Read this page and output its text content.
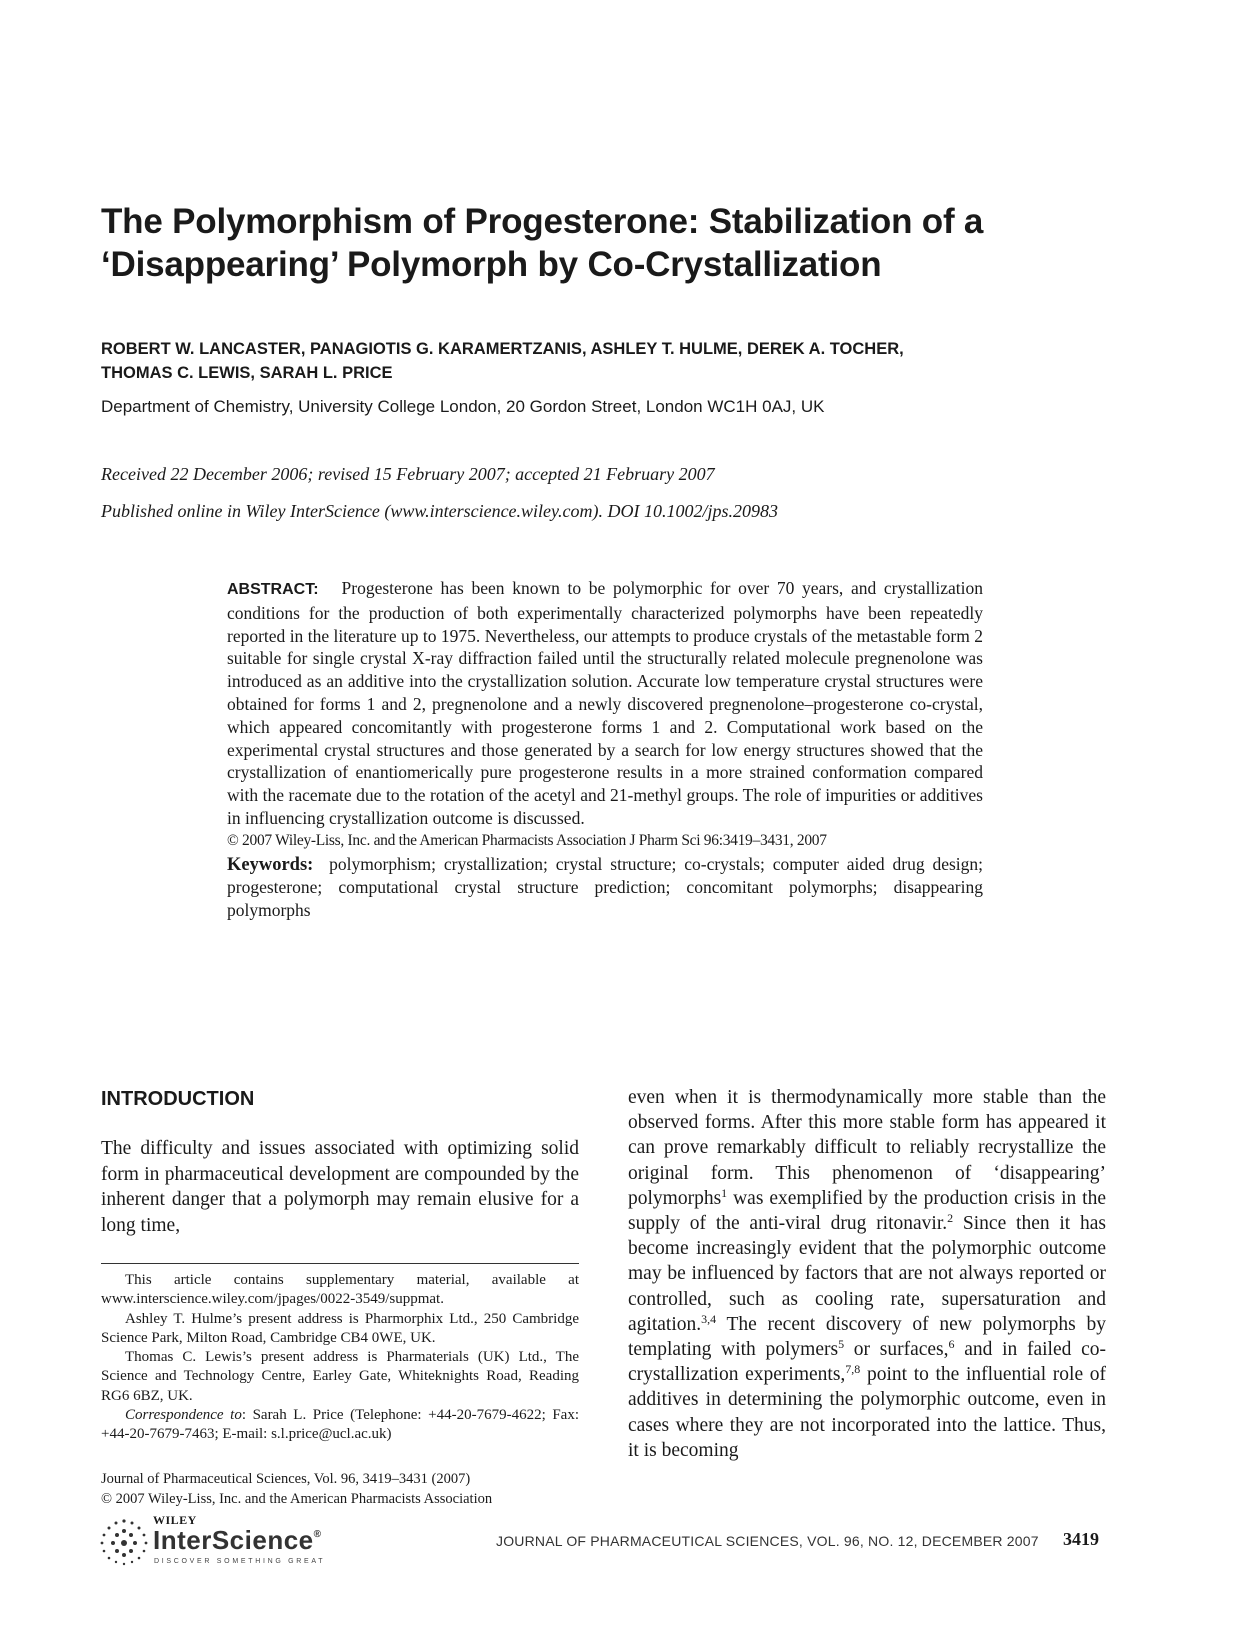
The Polymorphism of Progesterone: Stabilization of a ‘Disappearing’ Polymorph by Co-Crystallization
ROBERT W. LANCASTER, PANAGIOTIS G. KARAMERTZANIS, ASHLEY T. HULME, DEREK A. TOCHER,
THOMAS C. LEWIS, SARAH L. PRICE
Department of Chemistry, University College London, 20 Gordon Street, London WC1H 0AJ, UK
Received 22 December 2006; revised 15 February 2007; accepted 21 February 2007
Published online in Wiley InterScience (www.interscience.wiley.com). DOI 10.1002/jps.20983
ABSTRACT: Progesterone has been known to be polymorphic for over 70 years, and crystallization conditions for the production of both experimentally characterized polymorphs have been repeatedly reported in the literature up to 1975. Nevertheless, our attempts to produce crystals of the metastable form 2 suitable for single crystal X-ray diffraction failed until the structurally related molecule pregnenolone was introduced as an additive into the crystallization solution. Accurate low temperature crystal structures were obtained for forms 1 and 2, pregnenolone and a newly discovered pregnenolone–progesterone co-crystal, which appeared concomitantly with progesterone forms 1 and 2. Computational work based on the experimental crystal structures and those generated by a search for low energy structures showed that the crystallization of enantiomerically pure progesterone results in a more strained conformation compared with the racemate due to the rotation of the acetyl and 21-methyl groups. The role of impurities or additives in influencing crystallization outcome is discussed.
© 2007 Wiley-Liss, Inc. and the American Pharmacists Association J Pharm Sci 96:3419–3431, 2007
Keywords: polymorphism; crystallization; crystal structure; co-crystals; computer aided drug design; progesterone; computational crystal structure prediction; concomitant polymorphs; disappearing polymorphs
INTRODUCTION
The difficulty and issues associated with optimizing solid form in pharmaceutical development are compounded by the inherent danger that a polymorph may remain elusive for a long time,

This article contains supplementary material, available at www.interscience.wiley.com/jpages/0022-3549/suppmat.

Ashley T. Hulme’s present address is Pharmorphix Ltd., 250 Cambridge Science Park, Milton Road, Cambridge CB4 0WE, UK.

Thomas C. Lewis’s present address is Pharmaterials (UK) Ltd., The Science and Technology Centre, Earley Gate, Whiteknights Road, Reading RG6 6BZ, UK.

Correspondence to: Sarah L. Price (Telephone: +44-20-7679-4622; Fax: +44-20-7679-7463; E-mail: s.l.price@ucl.ac.uk)

Journal of Pharmaceutical Sciences, Vol. 96, 3419–3431 (2007)
© 2007 Wiley-Liss, Inc. and the American Pharmacists Association
even when it is thermodynamically more stable than the observed forms. After this more stable form has appeared it can prove remarkably difficult to reliably recrystallize the original form. This phenomenon of ‘disappearing’ polymorphs$^1$ was exemplified by the production crisis in the supply of the anti-viral drug ritonavir.$^2$ Since then it has become increasingly evident that the polymorphic outcome may be influenced by factors that are not always reported or controlled, such as cooling rate, supersaturation and agitation.$^{3,4}$ The recent discovery of new polymorphs by templating with polymers$^5$ or surfaces,$^6$ and in failed co-crystallization experiments,$^{7,8}$ point to the influential role of additives in determining the polymorphic outcome, even in cases where they are not incorporated into the lattice. Thus, it is becoming
WILEY
InterScience®
DISCOVER SOMETHING GREAT
JOURNAL OF PHARMACEUTICAL SCIENCES, VOL. 96, NO. 12, DECEMBER 2007 3419
